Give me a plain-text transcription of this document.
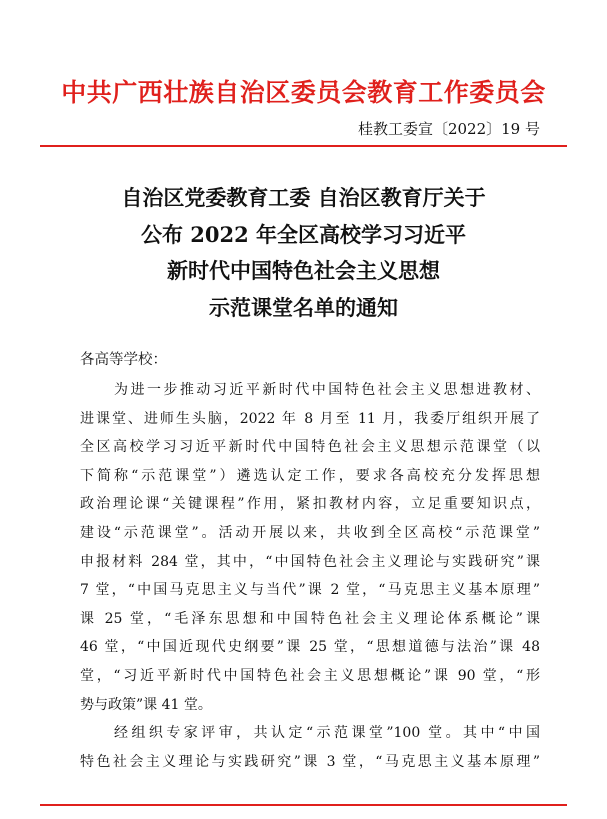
中共广西壮族自治区委员会教育工作委员会
桂教工委宣〔2022〕19 号
自治区党委教育工委 自治区教育厅关于
公布 2022 年全区高校学习习近平
新时代中国特色社会主义思想
示范课堂名单的通知
各高等学校：
为进一步推动习近平新时代中国特色社会主义思想进教材、
进课堂、进师生头脑，2022 年 8 月至 11 月，我委厅组织开展了
全区高校学习习近平新时代中国特色社会主义思想示范课堂（以
下简称“示范课堂”）遴选认定工作，要求各高校充分发挥思想
政治理论课“关键课程”作用，紧扣教材内容，立足重要知识点，
建设“示范课堂”。活动开展以来，共收到全区高校“示范课堂”
申报材料 284 堂，其中，“中国特色社会主义理论与实践研究”课
7 堂，“中国马克思主义与当代”课 2 堂，“马克思主义基本原理”
课 25 堂，“毛泽东思想和中国特色社会主义理论体系概论”课
46 堂，“中国近现代史纲要”课 25 堂，“思想道德与法治”课 48
堂，“习近平新时代中国特色社会主义思想概论”课 90 堂，“形
势与政策”课 41 堂。
经组织专家评审，共认定“示范课堂”100 堂。其中“中国
特色社会主义理论与实践研究”课 3 堂，“马克思主义基本原理”
